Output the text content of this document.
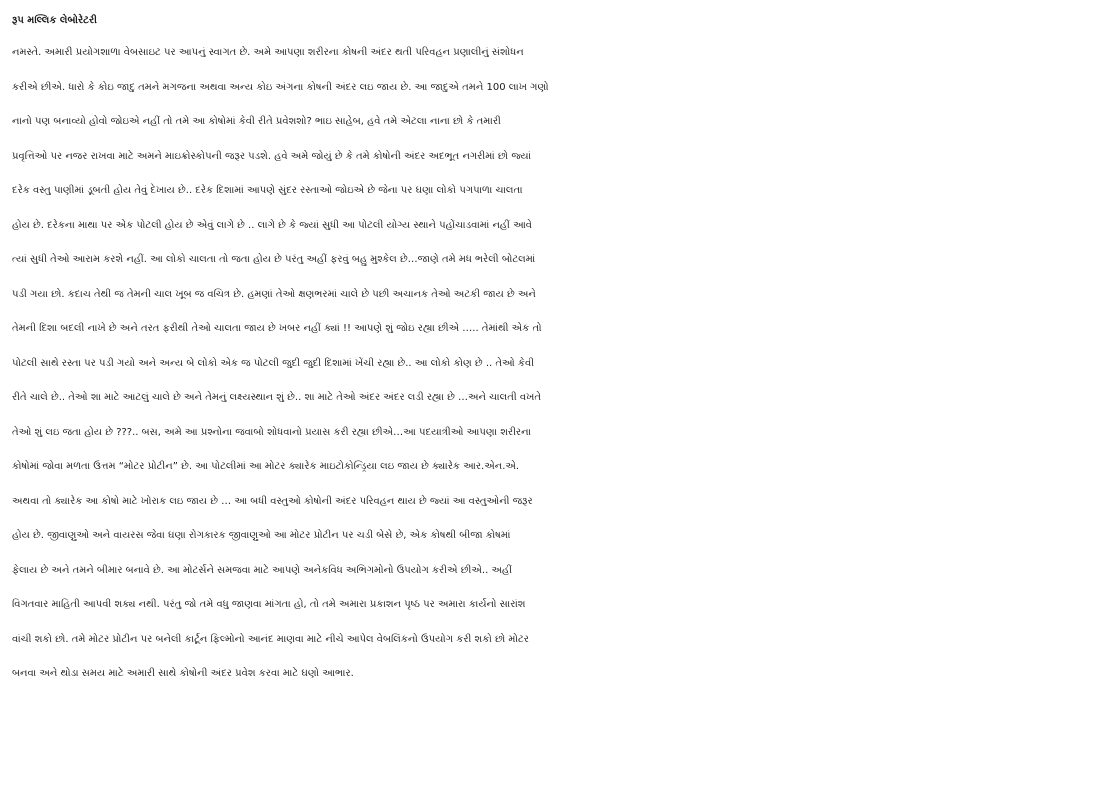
રૂપ મલ્લિક લેબોરેટરી

નમસ્તે. અમારી પ્રયોગશાળા વેબસાઇટ પર આપનું સ્વાગત છે. અમે આપણા શરીરના કોષની અંદર થતી પરિવહન પ્રણાલીનું સંશોધન

કરીએ છીએ. ધારો કે કોઇ જાદુ તમને મગજના અથવા અન્ય કોઇ અંગના કોષની અંદર લઇ જાય છે. આ જાદુએ તમને 100 લાખ ગણો

નાનો પણ બનાવ્યો હોવો જોઇએ નહીં તો તમે આ કોષોમાં કેવી રીતે પ્રવેશશો? ભાઇ સાહેબ, હવે તમે એટલા નાના છો કે તમારી

પ્રવૃત્તિઓ પર નજર રાખવા માટે અમને માઇક્રોસ્કોપની જરૂર પડશે. હવે અમે જોયું છે કે તમે કોષોની અંદર અદભૂત નગરીમાં છો જ્યાં

દરેક વસ્તુ પાણીમાં ડૂબતી હોય તેવું દેખાય છે.. દરેક દિશામાં આપણે સુંદર રસ્તાઓ જોઇએ છે જેના પર ઘણા લોકો પગપાળા ચાલતા

હોય છે. દરેકના માથા પર એક પોટલી હોય છે એવું લાગે છે .. લાગે છે કે જ્યાં સુધી આ પોટલી યોગ્ય સ્થાને પહોંચાડવામાં નહીં આવે

ત્યાં સુધી તેઓ આરામ કરશે નહીં. આ લોકો ચાલતા તો જતા હોય છે પરંતુ અહીં ફરવું બહુ મુશ્કેલ છે…જાણે તમે મધ ભરેલી બોટલમાં

પડી ગયા છો. કદાચ તેથી જ તેમની ચાલ ખૂબ જ વચિત્ર છે. હમણાં તેઓ ક્ષણભરમાં ચાલે છે પછી અચાનક તેઓ અટકી જાય છે અને

તેમની દિશા બદલી નાખે છે અને તરત ફરીથી તેઓ ચાલતા જાય છે ખબર નહીં ક્યાં !! આપણે શું જોઇ રહ્યા છીએ ….. તેમાંથી એક તો

પોટલી સાથે રસ્તા પર પડી ગયો અને અન્ય બે લોકો એક જ પોટલી જુદી જુદી દિશામાં ખેંચી રહ્યા છે.. આ લોકો કોણ છે .. તેઓ કેવી

રીતે ચાલે છે.. તેઓ શા માટે આટલું ચાલે છે અને તેમનું લક્ષ્યસ્થાન શું છે.. શા માટે તેઓ અંદર અંદર લડી રહ્યા છે …અને ચાલતી વખતે

તેઓ શું લઇ જતા હોય છે ???.. બસ, અમે આ પ્રશ્નોના જવાબો શોધવાનો પ્રયાસ કરી રહ્યા છીએ…આ પદયાત્રીઓ આપણા શરીરના

કોષોમાં જોવા મળતા ઉત્તમ “મોટર પ્રોટીન” છે. આ પોટલીમાં આ મોટર ક્યારેક માઇટોકોન્ડ્રિયા લઇ જાય છે ક્યારેક આર.એન.એ.

અથવા તો ક્યારેક આ કોષો માટે ખોરાક લઇ જાય છે … આ બધી વસ્તુઓ કોષોની અંદર પરિવહન થાય છે જ્યાં આ વસ્તુઓની જરૂર

હોય છે. જીવાણુઓ અને વાયરસ જેવા ઘણા રોગકારક જીવાણુઓ આ મોટર પ્રોટીન પર ચડી બેસે છે, એક કોષથી બીજા કોષમાં

ફેલાય છે અને તમને બીમાર બનાવે છે. આ મોટર્સને સમજવા માટે આપણે અનેકવિધ અભિગમોનો ઉપયોગ કરીએ છીએ.. અહીં

વિગતવાર માહિતી આપવી શક્ય નથી. પરંતુ જો તમે વધુ જાણવા માંગતા હો, તો તમે અમારા પ્રકાશન પૃષ્ઠ પર અમારા કાર્યનો સારાંશ

વાંચી શકો છો. તમે મોટર પ્રોટીન પર બનેલી કાર્ટૂન ફિલ્મોનો આનંદ માણવા માટે નીચે આપેલ વેબલિંકનો ઉપયોગ કરી શકો છો મોટર

બનવા અને થોડા સમય માટે અમારી સાથે કોષોની અંદર પ્રવેશ કરવા માટે ઘણો આભાર.
